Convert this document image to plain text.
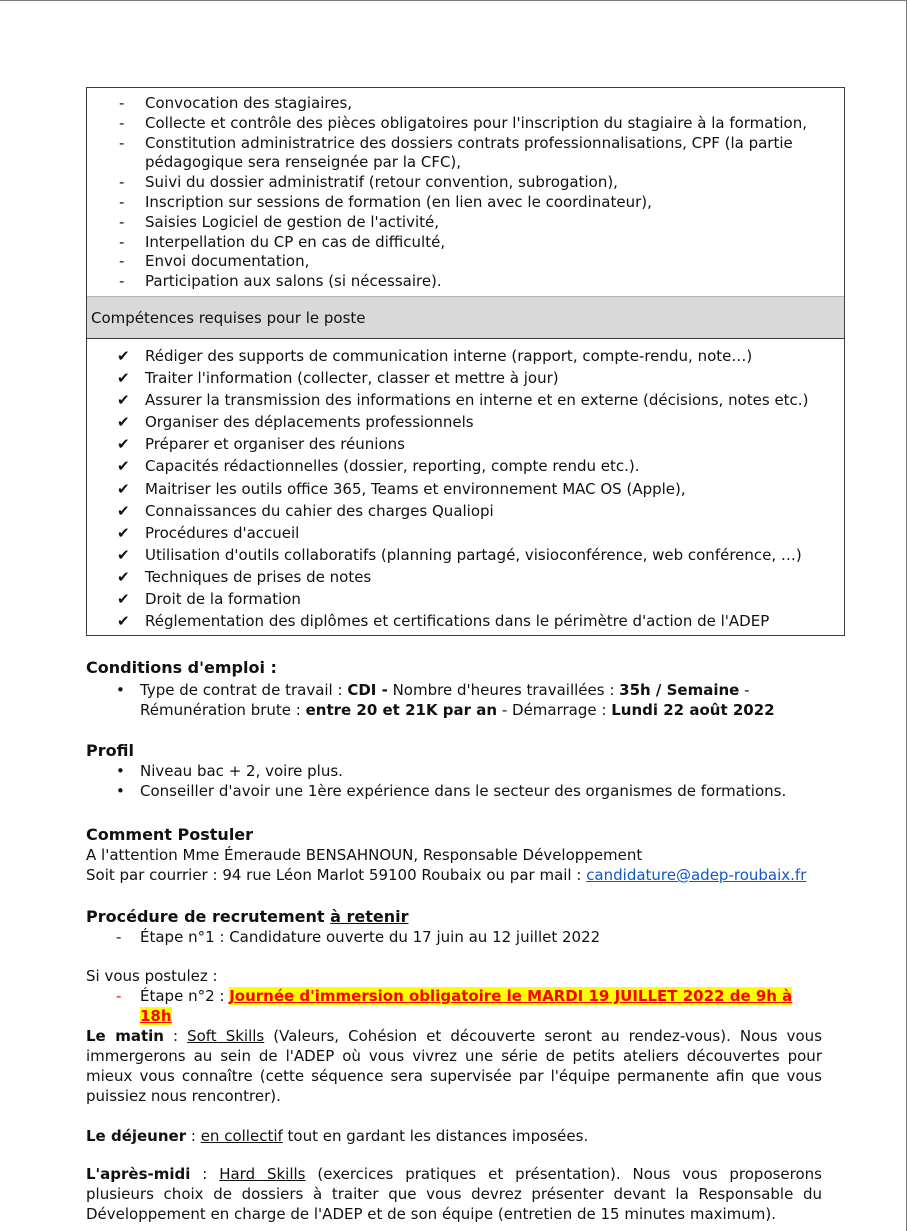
- Convocation des stagiaires,
- Collecte et contrôle des pièces obligatoires pour l'inscription du stagiaire à la formation,
- Constitution administratrice des dossiers contrats professionnalisations, CPF (la partie
pédagogique sera renseignée par la CFC),
- Suivi du dossier administratif (retour convention, subrogation),
- Inscription sur sessions de formation (en lien avec le coordinateur),
- Saisies Logiciel de gestion de l'activité,
- Interpellation du CP en cas de difficulté,
- Envoi documentation,
- Participation aux salons (si nécessaire).
Compétences requises pour le poste
✔ Rédiger des supports de communication interne (rapport, compte-rendu, note…)
✔ Traiter l'information (collecter, classer et mettre à jour)
✔ Assurer la transmission des informations en interne et en externe (décisions, notes etc.)
✔ Organiser des déplacements professionnels
✔ Préparer et organiser des réunions
✔ Capacités rédactionnelles (dossier, reporting, compte rendu etc.).
✔ Maitriser les outils office 365, Teams et environnement MAC OS (Apple),
✔ Connaissances du cahier des charges Qualiopi
✔ Procédures d'accueil
✔ Utilisation d'outils collaboratifs (planning partagé, visioconférence, web conférence, …)
✔ Techniques de prises de notes
✔ Droit de la formation
✔ Réglementation des diplômes et certifications dans le périmètre d'action de l'ADEP
Conditions d'emploi :
• Type de contrat de travail : CDI - Nombre d'heures travaillées : 35h / Semaine -
Rémunération brute : entre 20 et 21K par an - Démarrage : Lundi 22 août 2022
Profil
• Niveau bac + 2, voire plus.
• Conseiller d'avoir une 1ère expérience dans le secteur des organismes de formations.
Comment Postuler
A l'attention Mme Émeraude BENSAHNOUN, Responsable Développement
Soit par courrier : 94 rue Léon Marlot 59100 Roubaix ou par mail : candidature@adep-roubaix.fr
Procédure de recrutement à retenir
- Étape n°1 : Candidature ouverte du 17 juin au 12 juillet 2022
Si vous postulez :
- Étape n°2 : Journée d'immersion obligatoire le MARDI 19 JUILLET 2022 de 9h à 18h
Le matin : Soft Skills (Valeurs, Cohésion et découverte seront au rendez-vous). Nous vous immergerons au sein de l'ADEP où vous vivrez une série de petits ateliers découvertes pour mieux vous connaître (cette séquence sera supervisée par l'équipe permanente afin que vous puissiez nous rencontrer).
Le déjeuner : en collectif tout en gardant les distances imposées.
L'après-midi : Hard Skills (exercices pratiques et présentation). Nous vous proposerons plusieurs choix de dossiers à traiter que vous devrez présenter devant la Responsable du Développement en charge de l'ADEP et de son équipe (entretien de 15 minutes maximum).
